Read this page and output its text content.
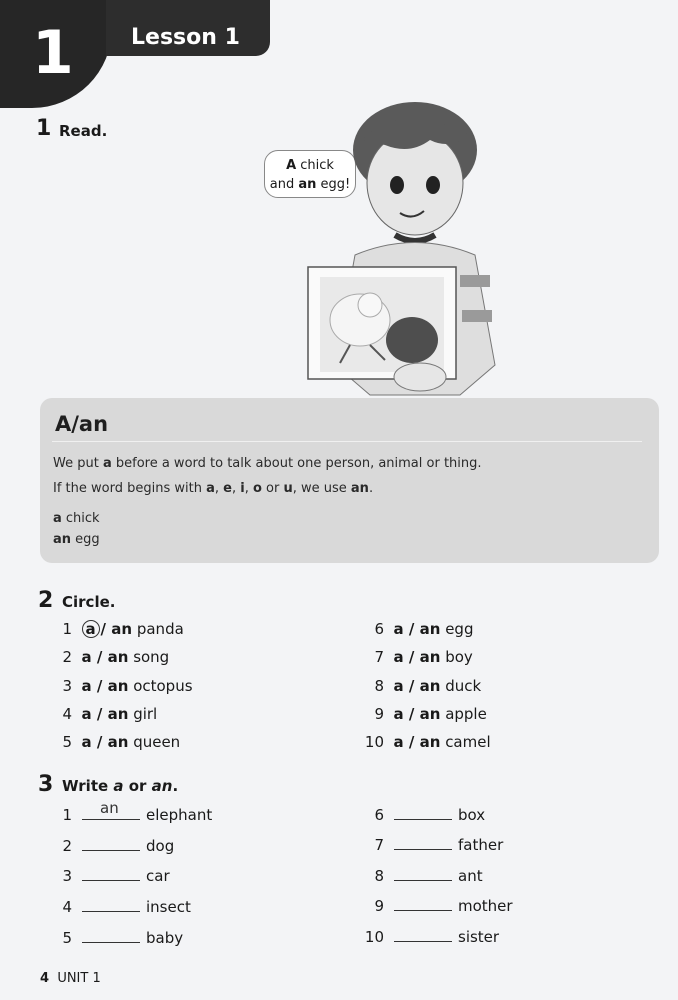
1	Lesson 1
1 Read.
A chick
and an egg!
A/an
We put a before a word to talk about one person, animal or thing.
If the word begins with a, e, i, o or u, we use an.
a chick
an egg
2 Circle.
1 a / an panda
2 a / an song
3 a / an octopus
4 a / an girl
5 a / an queen
6 a / an egg
7 a / an boy
8 a / an duck
9 a / an apple
10 a / an camel
3 Write a or an.
1 an elephant
2	dog
3	car
4	insect
5	baby
6	box
7	father
8	ant
9	mother
10	sister
4 UNIT 1
